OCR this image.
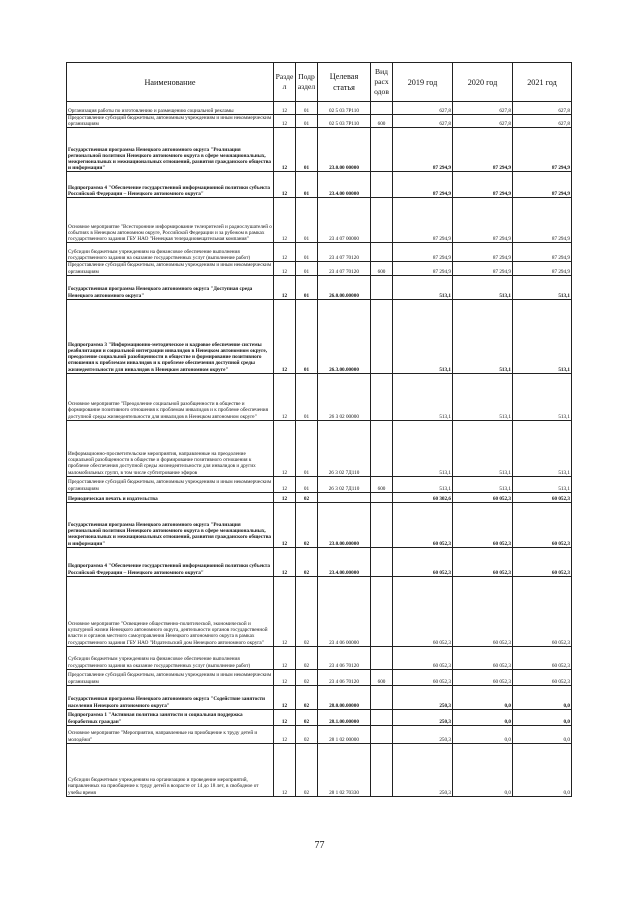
Наименование	Разде л	Подр аздел	Целевая статья	Вид расх одов	2019 год	2020 год	2021 год
Организация работы по изготовлению и размещению социальной рекламы	12	01	02 5 03 7Р110		627,8	627,8	627,8
Предоставление субсидий бюджетным, автономным учреждениям и иным некоммерческим организациям	12	01	02 5 03 7Р110	600	627,8	627,8	627,8
Государственная программа Ненецкого автономного округа "Реализация региональной политики Ненецкого автономного округа в сфере межнациональных, межрегиональных и межнациональных отношений, развития гражданского общества и информации"	12	01	23.0.00 00000		87 294,9	87 294,9	87 294,9
Подпрограмма 4 "Обеспечение государственной информационной политики субъекта Российской Федерации – Ненецкого автономного округа"	12	01	23.4.00 00000		87 294,9	87 294,9	87 294,9
Основное мероприятие "Всесторонние информирование телезрителей и радиослушателей о событиях в Ненецком автономном округе, Российской Федерации и за рубежом в рамках государственного задания ГБУ НАО "Ненецкая телерадиовещательная компания"	12	01	23 4 07 00000		87 294,9	87 294,9	87 294,9
Субсидии бюджетным учреждениям на финансовое обеспечение выполнения государственного задания на оказание государственных услуг (выполнение работ)	12	01	23 4 07 70120		87 294,9	87 294,9	87 294,9
Предоставление субсидий бюджетным, автономным учреждениям и иным некоммерческим организациям	12	01	23 4 07 70120	600	87 294,9	87 294,9	87 294,9
Государственная программа Ненецкого автономного округа "Доступная среда Ненецкого автономного округа"	12	01	26.0.00.00000		513,1	513,1	513,1
Подпрограмма 3 "Информационно-методическое и кадровое обеспечение системы реабилитации и социальной интеграции инвалидов в Ненецком автономном округе, преодоление социальной разобщенности в обществе и формирование позитивного отношения к проблемам инвалидов и к проблеме обеспечения доступной среды жизнедеятельности для инвалидов в Ненецком автономном округе"	12	01	26.3.00.00000		513,1	513,1	513,1
Основное мероприятие "Преодоление социальной разобщенности в обществе и формирование позитивного отношения к проблемам инвалидов и к проблеме обеспечения доступной среды жизнедеятельности для инвалидов в Ненецком автономном округе"	12	01	26 3 02 00000		513,1	513,1	513,1
Информационно-просветительские мероприятия, направленные на преодоление социальной разобщенности в обществе и формирование позитивного отношения к проблеме обеспечения доступной среды жизнедеятельности для инвалидов и других маломобильных групп, в том числе субтитрование эфиров	12	01	26 3 02 7Д110		513,1	513,1	513,1
Предоставление субсидий бюджетным, автономным учреждениям и иным некоммерческим организациям	12	01	26 3 02 7Д110	600	513,1	513,1	513,1
Периодическая печать и издательства	12	02			60 302,6	60 052,3	60 052,3
Государственная программа Ненецкого автономного округа "Реализация региональной политики Ненецкого автономного округа в сфере межнациональных, межрегиональных и межнациональных отношений, развития гражданского общества и информации"	12	02	23.0.00.00000		60 052,3	60 052,3	60 052,3
Подпрограмма 4 "Обеспечение государственной информационной политики субъекта Российской Федерации – Ненецкого автономного округа"	12	02	23.4.00.00000		60 052,3	60 052,3	60 052,3
Основное мероприятие "Освещение общественно-политической, экономической и культурной жизни Ненецкого автономного округа, деятельности органов государственной власти и органов местного самоуправления Ненецкого автономного округа в рамках государственного задания ГБУ НАО "Издательский дом Ненецкого автономного округа"	12	02	23 4 06 00000		60 052,3	60 052,3	60 052,3
Субсидии бюджетным учреждениям на финансовое обеспечение выполнения государственного задания на оказание государственных услуг (выполнение работ)	12	02	23 4 06 70120		60 052,3	60 052,3	60 052,3
Предоставление субсидий бюджетным, автономным учреждениям и иным некоммерческим организациям	12	02	23 4 06 70120	600	60 052,3	60 052,3	60 052,3
Государственная программа Ненецкого автономного округа "Содействие занятости населения Ненецкого автономного округа"	12	02	28.0.00.00000		250,3	0,0	0,0
Подпрограмма 1 "Активная политика занятости и социальная поддержка безработных граждан"	12	02	28.1.00.00000		250,3	0,0	0,0
Основное мероприятие "Мероприятия, направленные на приобщение к труду детей и молодёжи"	12	02	28 1 02 00000		250,3	0,0	0,0
Субсидии бюджетным учреждениям на организацию и проведение мероприятий, направленных на приобщение к труду детей в возрасте от 14 до 18 лет, в свободное от учебы время	12	02	28 1 02 70330		250,3	0,0	0,0
77
